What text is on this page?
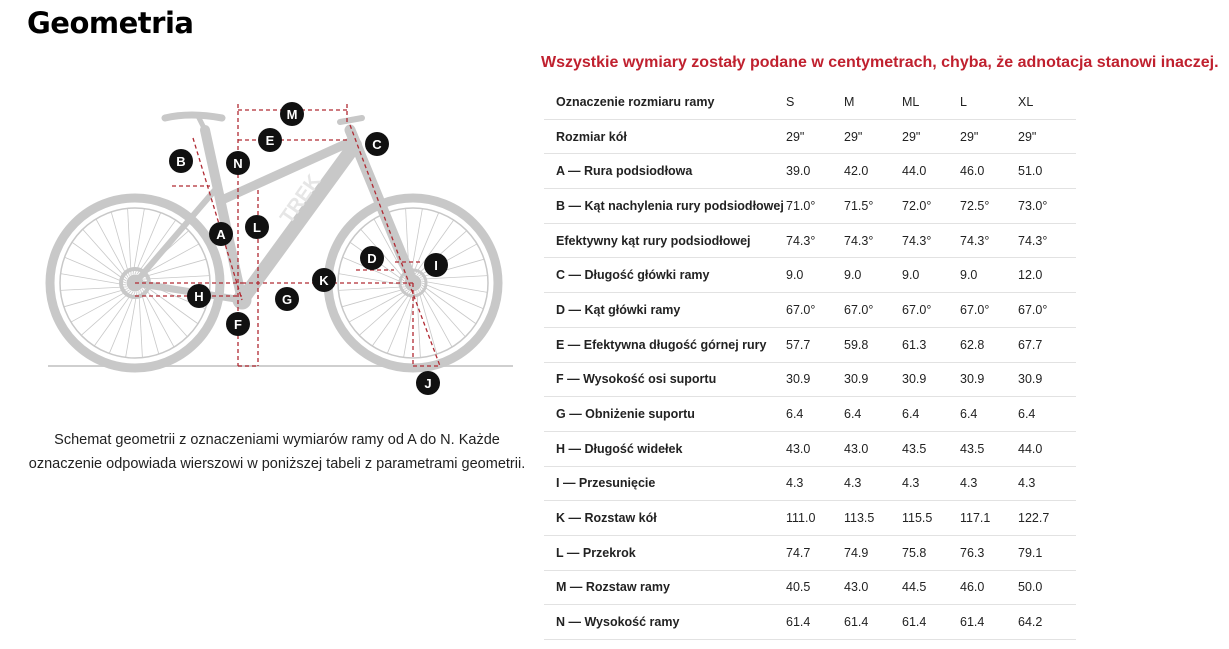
Geometria
TREK
M
E	C
B	N
L
A
D	I
K
H	G
F
J
Schemat geometrii z oznaczeniami wymiarów ramy od A do N. Każde oznaczenie odpowiada wierszowi w poniższej tabeli z parametrami geometrii.
Wszystkie wymiary zostały podane w centymetrach, chyba, że adnotacja stanowi inaczej.
Oznaczenie rozmiaru ramy	S	M	ML	L	XL
Rozmiar kół	29"	29"	29"	29"	29"
A — Rura podsiodłowa	39.0	42.0	44.0	46.0	51.0
B — Kąt nachylenia rury podsiodłowej	71.0°	71.5°	72.0°	72.5°	73.0°
Efektywny kąt rury podsiodłowej	74.3°	74.3°	74.3°	74.3°	74.3°
C — Długość główki ramy	9.0	9.0	9.0	9.0	12.0
D — Kąt główki ramy	67.0°	67.0°	67.0°	67.0°	67.0°
E — Efektywna długość górnej rury	57.7	59.8	61.3	62.8	67.7
F — Wysokość osi suportu	30.9	30.9	30.9	30.9	30.9
G — Obniżenie suportu	6.4	6.4	6.4	6.4	6.4
H — Długość widełek	43.0	43.0	43.5	43.5	44.0
I — Przesunięcie	4.3	4.3	4.3	4.3	4.3
K — Rozstaw kół	111.0	113.5	115.5	117.1	122.7
L — Przekrok	74.7	74.9	75.8	76.3	79.1
M — Rozstaw ramy	40.5	43.0	44.5	46.0	50.0
N — Wysokość ramy	61.4	61.4	61.4	61.4	64.2
